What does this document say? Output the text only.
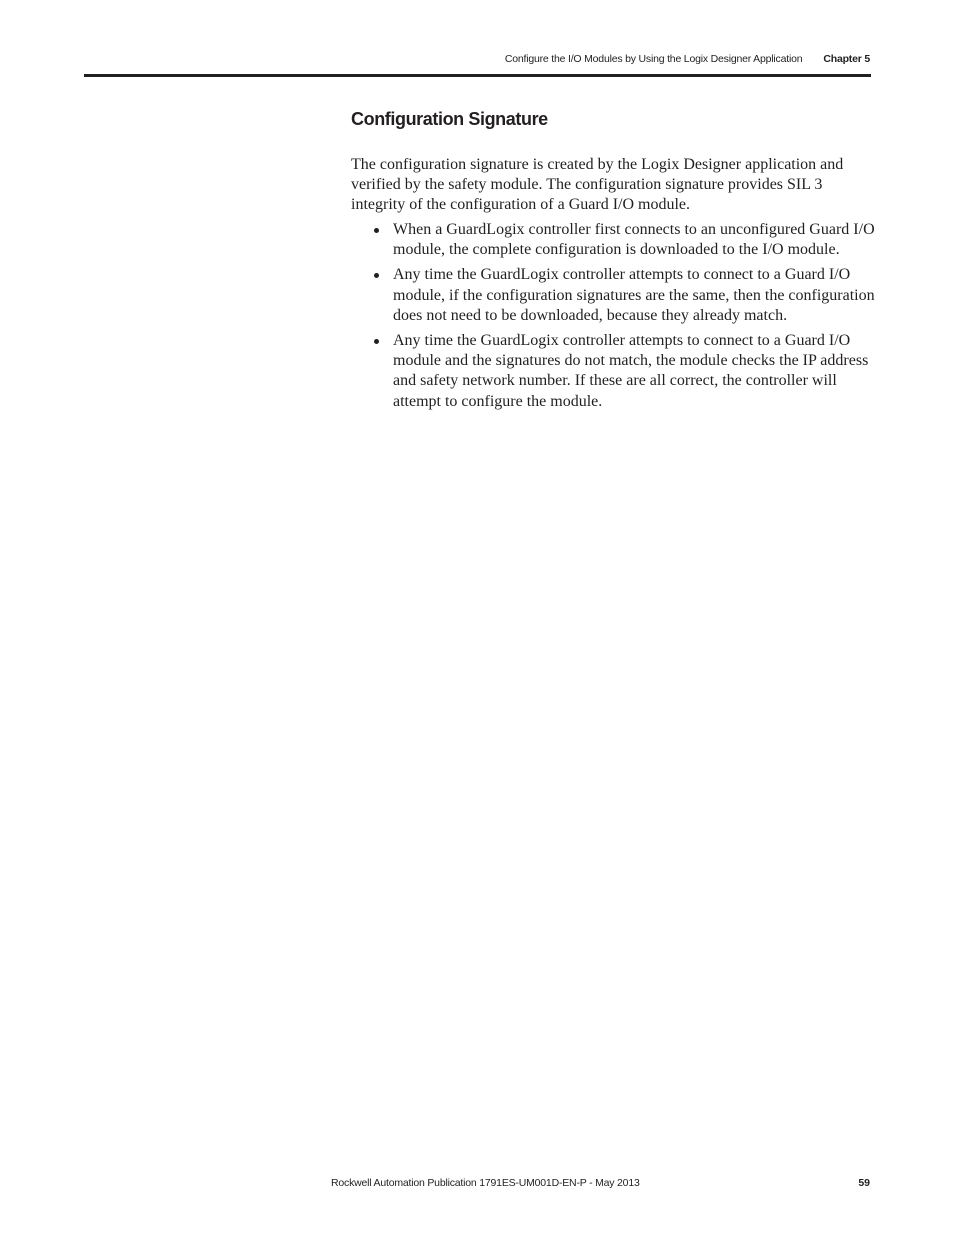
Configure the I/O Modules by Using the Logix Designer Application Chapter 5
Configuration Signature

The configuration signature is created by the Logix Designer application and verified by the safety module. The configuration signature provides SIL 3 integrity of the configuration of a Guard I/O module.

When a GuardLogix controller first connects to an unconfigured Guard I/O module, the complete configuration is downloaded to the I/O module.
Any time the GuardLogix controller attempts to connect to a Guard I/O module, if the configuration signatures are the same, then the configuration does not need to be downloaded, because they already match.
Any time the GuardLogix controller attempts to connect to a Guard I/O module and the signatures do not match, the module checks the IP address and safety network number. If these are all correct, the controller will attempt to configure the module.
Rockwell Automation Publication 1791ES-UM001D-EN-P - May 2013	59
